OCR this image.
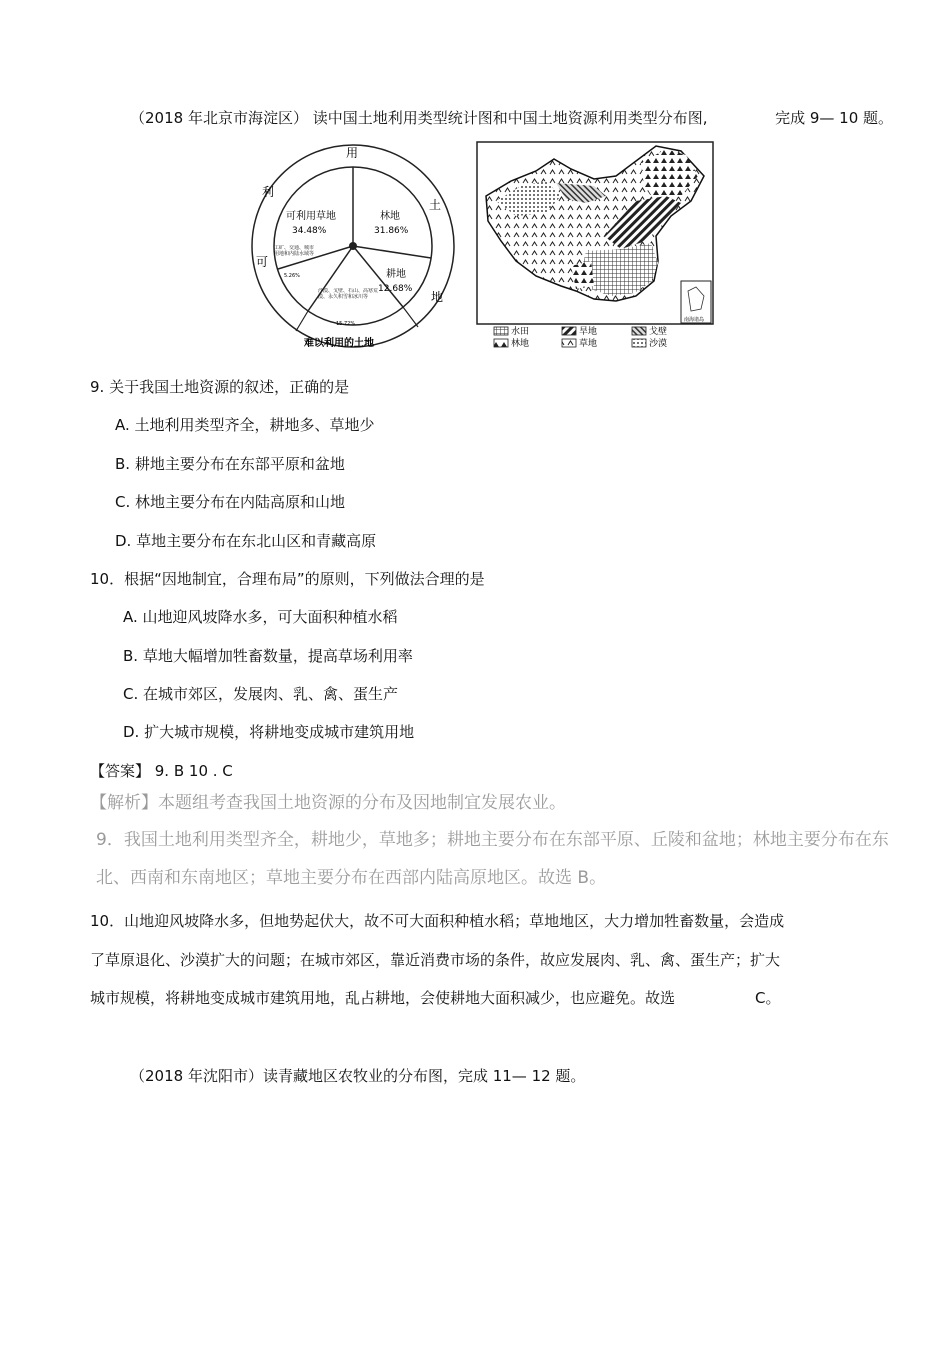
（2018 年北京市海淀区） 读中国土地利用类型统计图和中国土地资源利用类型分布图,	完成 9— 10 题。
用
土
地
利
可
可利用草地
34.48%
林地
31.86%
耕地
12.68%
沙漠、戈壁、石山、高寒荒漠、永久积雪和冰川等
15.72%
工矿、交通、城市用地和内陆水域等
5.26%
难以利用的土地
南海诸岛
水田	旱地	戈壁
林地	草地	沙漠
9. 关于我国土地资源的叙述，正确的是
A. 土地利用类型齐全，耕地多、草地少
B. 耕地主要分布在东部平原和盆地
C. 林地主要分布在内陆高原和山地
D. 草地主要分布在东北山区和青藏高原
10．根据“因地制宜，合理布局”的原则，下列做法合理的是
A. 山地迎风坡降水多，可大面积种植水稻
B. 草地大幅增加牲畜数量，提高草场利用率
C. 在城市郊区，发展肉、乳、禽、蛋生产
D. 扩大城市规模，将耕地变成城市建筑用地
【答案】 9. B 10 . C
【解析】本题组考查我国土地资源的分布及因地制宜发展农业。
9．我国土地利用类型齐全，耕地少，草地多；耕地主要分布在东部平原、丘陵和盆地；林地主要分布在东
北、西南和东南地区；草地主要分布在西部内陆高原地区。故选 B。
10．山地迎风坡降水多，但地势起伏大，故不可大面积种植水稻；草地地区，大力增加牲畜数量，会造成
了草原退化、沙漠扩大的问题；在城市郊区，靠近消费市场的条件，故应发展肉、乳、禽、蛋生产；扩大
城市规模，将耕地变成城市建筑用地，乱占耕地，会使耕地大面积减少，也应避免。故选	C。
（2018 年沈阳市）读青藏地区农牧业的分布图，完成 11— 12 题。
